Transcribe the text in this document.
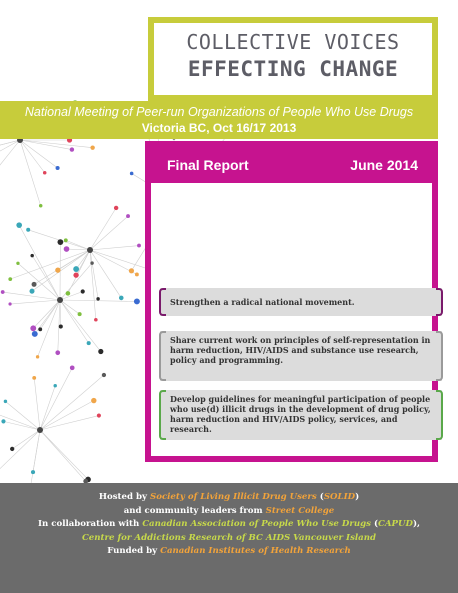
COLLECTIVE VOICES
EFFECTING CHANGE
National Meeting of Peer-run Organizations of People Who Use Drugs
Victoria BC, Oct 16/17 2013
Final Report	June 2014
Strengthen a radical national movement.
Share current work on principles of self-representation in harm reduction, HIV/AIDS and substance use research, policy and programming.
Develop guidelines for meaningful participation of people who use(d) illicit drugs in the development of drug policy, harm reduction and HIV/AIDS policy, services, and research.
Hosted by Society of Living Illicit Drug Users (SOLID)
and community leaders from Street College
In collaboration with Canadian Association of People Who Use Drugs (CAPUD),
Centre for Addictions Research of BC AIDS Vancouver Island
Funded by Canadian Institutes of Health Research
